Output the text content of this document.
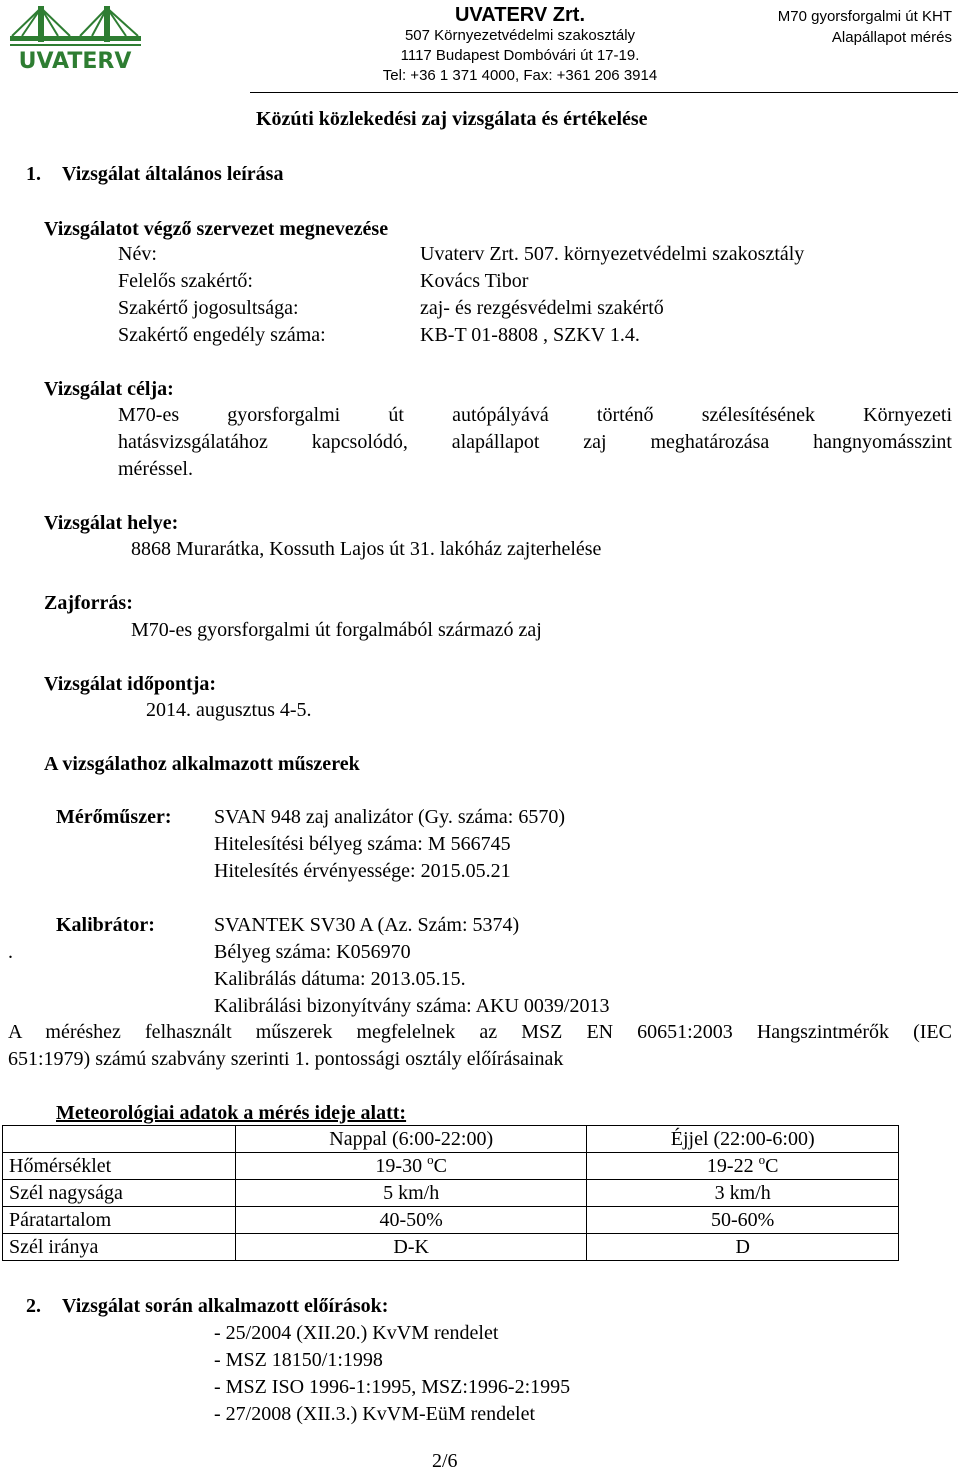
UVATERV
UVATERV Zrt.
507 Környezetvédelmi szakosztály
1117 Budapest Dombóvári út 17-19.
Tel: +36 1 371 4000, Fax: +361 206 3914
M70 gyorsforgalmi út KHT
Alapállapot mérés
Közúti közlekedési zaj vizsgálata és értékelése
1. Vizsgálat általános leírása
Vizsgálatot végző szervezet megnevezése
Név:	Uvaterv Zrt. 507. környezetvédelmi szakosztály
Felelős szakértő:	Kovács Tibor
Szakértő jogosultsága:	zaj- és rezgésvédelmi szakértő
Szakértő engedély száma:	KB-T 01-8808 , SZKV 1.4.
Vizsgálat célja:
M70-es gyorsforgalmi út autópályává történő szélesítésének Környezeti
hatásvizsgálatához kapcsolódó, alapállapot zaj meghatározása hangnyomásszint
méréssel.
Vizsgálat helye:
8868 Murarátka, Kossuth Lajos út 31. lakóház zajterhelése
Zajforrás:
M70-es gyorsforgalmi út forgalmából származó zaj
Vizsgálat időpontja:
2014. augusztus 4-5.
A vizsgálathoz alkalmazott műszerek
Mérőműszer: SVAN 948 zaj analizátor (Gy. száma: 6570)
Hitelesítési bélyeg száma: M 566745
Hitelesítés érvényessége: 2015.05.21
Kalibrátor:	SVANTEK SV30 A (Az. Szám: 5374)
.	Bélyeg száma: K056970
Kalibrálás dátuma: 2013.05.15.
Kalibrálási bizonyítvány száma: AKU 0039/2013
A méréshez felhasznált műszerek megfelelnek az MSZ EN 60651:2003 Hangszintmérők (IEC
651:1979) számú szabvány szerinti 1. pontossági osztály előírásainak
Meteorológiai adatok a mérés ideje alatt:
	Nappal (6:00-22:00)	Éjjel (22:00-6:00)
Hőmérséklet	19-30 $^o$C	19-22 $^o$C
Szél nagysága	5 km/h	3 km/h
Páratartalom	40-50%	50-60%
Szél iránya	D-K	D
2. Vizsgálat során alkalmazott előírások:
- 25/2004 (XII.20.) KvVM rendelet
- MSZ 18150/1:1998
- MSZ ISO 1996-1:1995, MSZ:1996-2:1995
- 27/2008 (XII.3.) KvVM-EüM rendelet
2/6
